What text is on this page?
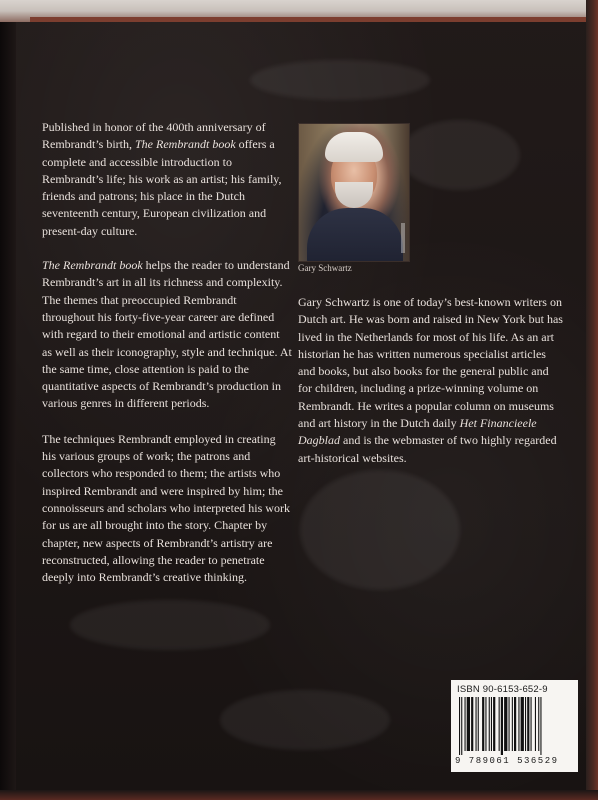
Published in honor of the 400th anniversary of Rembrandt’s birth, The Rembrandt book offers a complete and accessible introduction to Rembrandt’s life; his work as an artist; his family, friends and patrons; his place in the Dutch seventeenth century, European civilization and present-day culture.

The Rembrandt book helps the reader to understand Rembrandt’s art in all its richness and complexity. The themes that preoccupied Rembrandt throughout his forty-five-year career are defined with regard to their emotional and artistic content as well as their iconography, style and technique. At the same time, close attention is paid to the quantitative aspects of Rembrandt’s production in various genres in different periods.

The techniques Rembrandt employed in creating his various groups of work; the patrons and collectors who responded to them; the artists who inspired Rembrandt and were inspired by him; the connoisseurs and scholars who interpreted his work for us are all brought into the story. Chapter by chapter, new aspects of Rembrandt’s artistry are reconstructed, allowing the reader to penetrate deeply into Rembrandt’s creative thinking.

Gary Schwartz

Gary Schwartz is one of today’s best-known writers on Dutch art. He was born and raised in New York but has lived in the Netherlands for most of his life. As an art historian he has written numerous specialist articles and books, but also books for the general public and for children, including a prize-winning volume on Rembrandt. He writes a popular column on museums and art history in the Dutch daily Het Financieele Dagblad and is the webmaster of two highly regarded art-historical websites.

ISBN 90-6153-652-9
9 789061 536529
